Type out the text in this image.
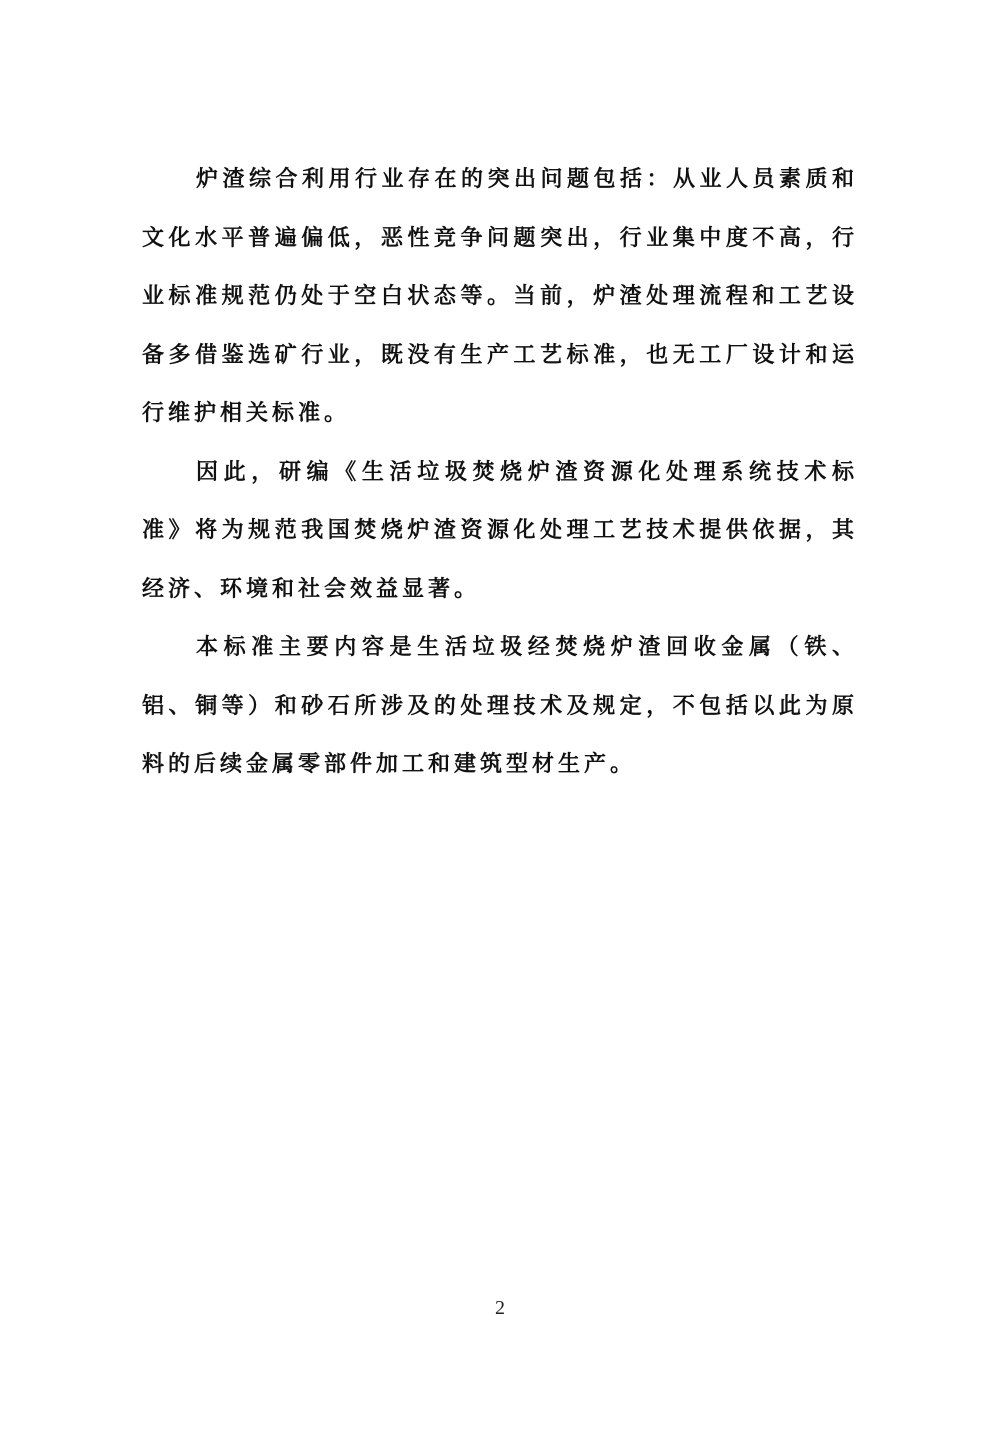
炉渣综合利用行业存在的突出问题包括：从业人员素质和文化水平普遍偏低，恶性竞争问题突出，行业集中度不高，行业标准规范仍处于空白状态等。当前，炉渣处理流程和工艺设备多借鉴选矿行业，既没有生产工艺标准，也无工厂设计和运行维护相关标准。

因此，研编《生活垃圾焚烧炉渣资源化处理系统技术标准》将为规范我国焚烧炉渣资源化处理工艺技术提供依据，其经济、环境和社会效益显著。

本标准主要内容是生活垃圾经焚烧炉渣回收金属（铁、铝、铜等）和砂石所涉及的处理技术及规定，不包括以此为原料的后续金属零部件加工和建筑型材生产。

2
